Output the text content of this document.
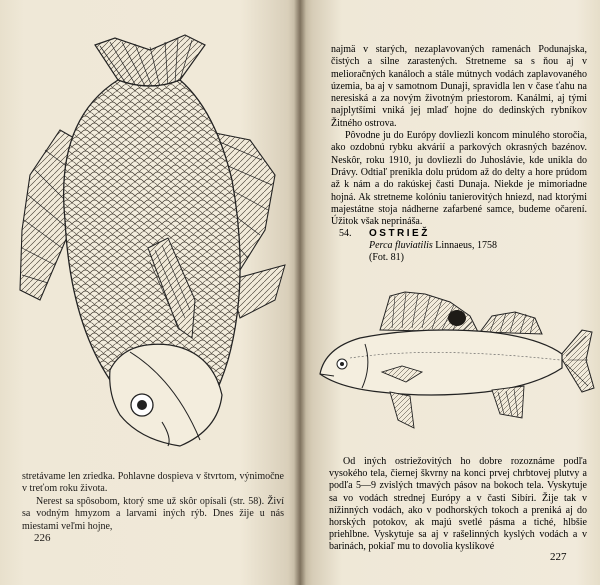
stretávame len zriedka. Pohlavne dospieva v štvrtom, výnimočne v treťom roku života.

Nerest sa spôsobom, ktorý sme už skôr opísali (str. 58). Živí sa vodným hmyzom a larvami iných rýb. Dnes žije u nás miestami veľmi hojne,

226

najmä v starých, nezaplavovaných ramenách Podunajska, čistých a silne zarastených. Stretneme sa s ňou aj v melioračných kanáloch a stále mútnych vodách zaplavovaného územia, ba aj v samotnom Dunaji, spravidla len v čase ťahu na neresiská a za novým životným priestorom. Kanálmi, aj tými najplytšími vniká jej mlaď hojne do dedinských rybníkov Žitného ostrova.

Pôvodne ju do Európy dovliezli koncom minulého storočia, ako ozdobnú rybku akvárií a parkových okrasných bazénov. Neskôr, roku 1910, ju dovliezli do Juhoslávie, kde unikla do Drávy. Odtiaľ prenikla dolu prúdom až do delty a hore prúdom až k nám a do rakúskej časti Dunaja. Niekde je mimoriadne hojná. Ak stretneme kolóniu tanierovitých hniezd, nad ktorými majestátne stoja nádherne zafarbené samce, budeme očarení. Úžitok však neprináša.

54. OSTRIEŽ
Perca fluviatilis Linnaeus, 1758
(Fot. 81)

Od iných ostriežovitých ho dobre rozoznáme podľa vysokého tela, čiernej škvrny na konci prvej chrbtovej plutvy a podľa 5—9 zvislých tmavých pásov na bokoch tela. Vyskytuje sa vo vodách strednej Európy a v časti Sibíri. Žije tak v nížinných vodách, ako v podhorských tokoch a preniká aj do horských potokov, ak majú svetlé pásma a tiché, hlbšie priehlbne. Vyskytuje sa aj v rašelinných kyslých vodách a v barinách, pokiaľ mu to dovolia kyslíkové

227
